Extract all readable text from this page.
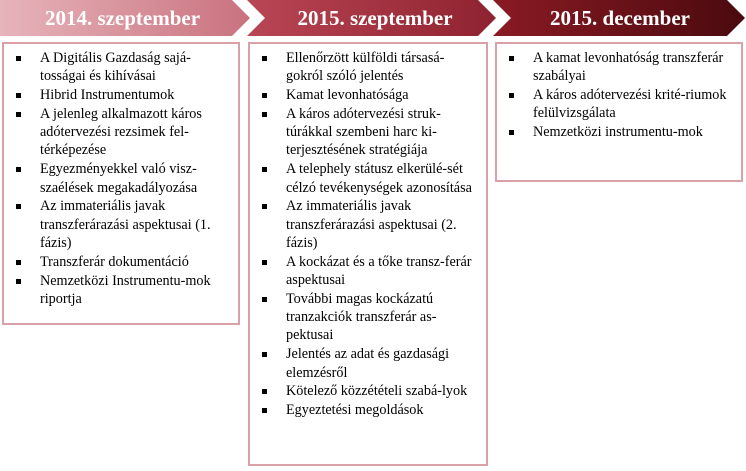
2014. szeptember	2015. szeptember	2015. december
A Digitális Gazdaság sajá-tosságai és kihívásai
Hibrid Instrumentumok
A jelenleg alkalmazott káros adótervezési rezsimek fel-térképezése
Egyezményekkel való visz-szaélések megakadályozása
Az immateriális javak transzferárazási aspektusai (1. fázis)
Transzferár dokumentáció
Nemzetközi Instrumentu-mok riportja
Ellenőrzött külföldi társasá-gokról szóló jelentés
Kamat levonhatósága
A káros adótervezési struk-túrákkal szembeni harc ki-terjesztésének stratégiája
A telephely státusz elkerülé-sét célzó tevékenységek azonosítása
Az immateriális javak transzferárazási aspektusai (2. fázis)
A kockázat és a tőke transz-ferár aspektusai
További magas kockázatú tranzakciók transzferár as-pektusai
Jelentés az adat és gazdasági elemzésről
Kötelező közzétételi szabá-lyok
Egyeztetési megoldások
A kamat levonhatóság transzferár szabályai
A káros adótervezési krité-riumok felülvizsgálata
Nemzetközi instrumentu-mok
